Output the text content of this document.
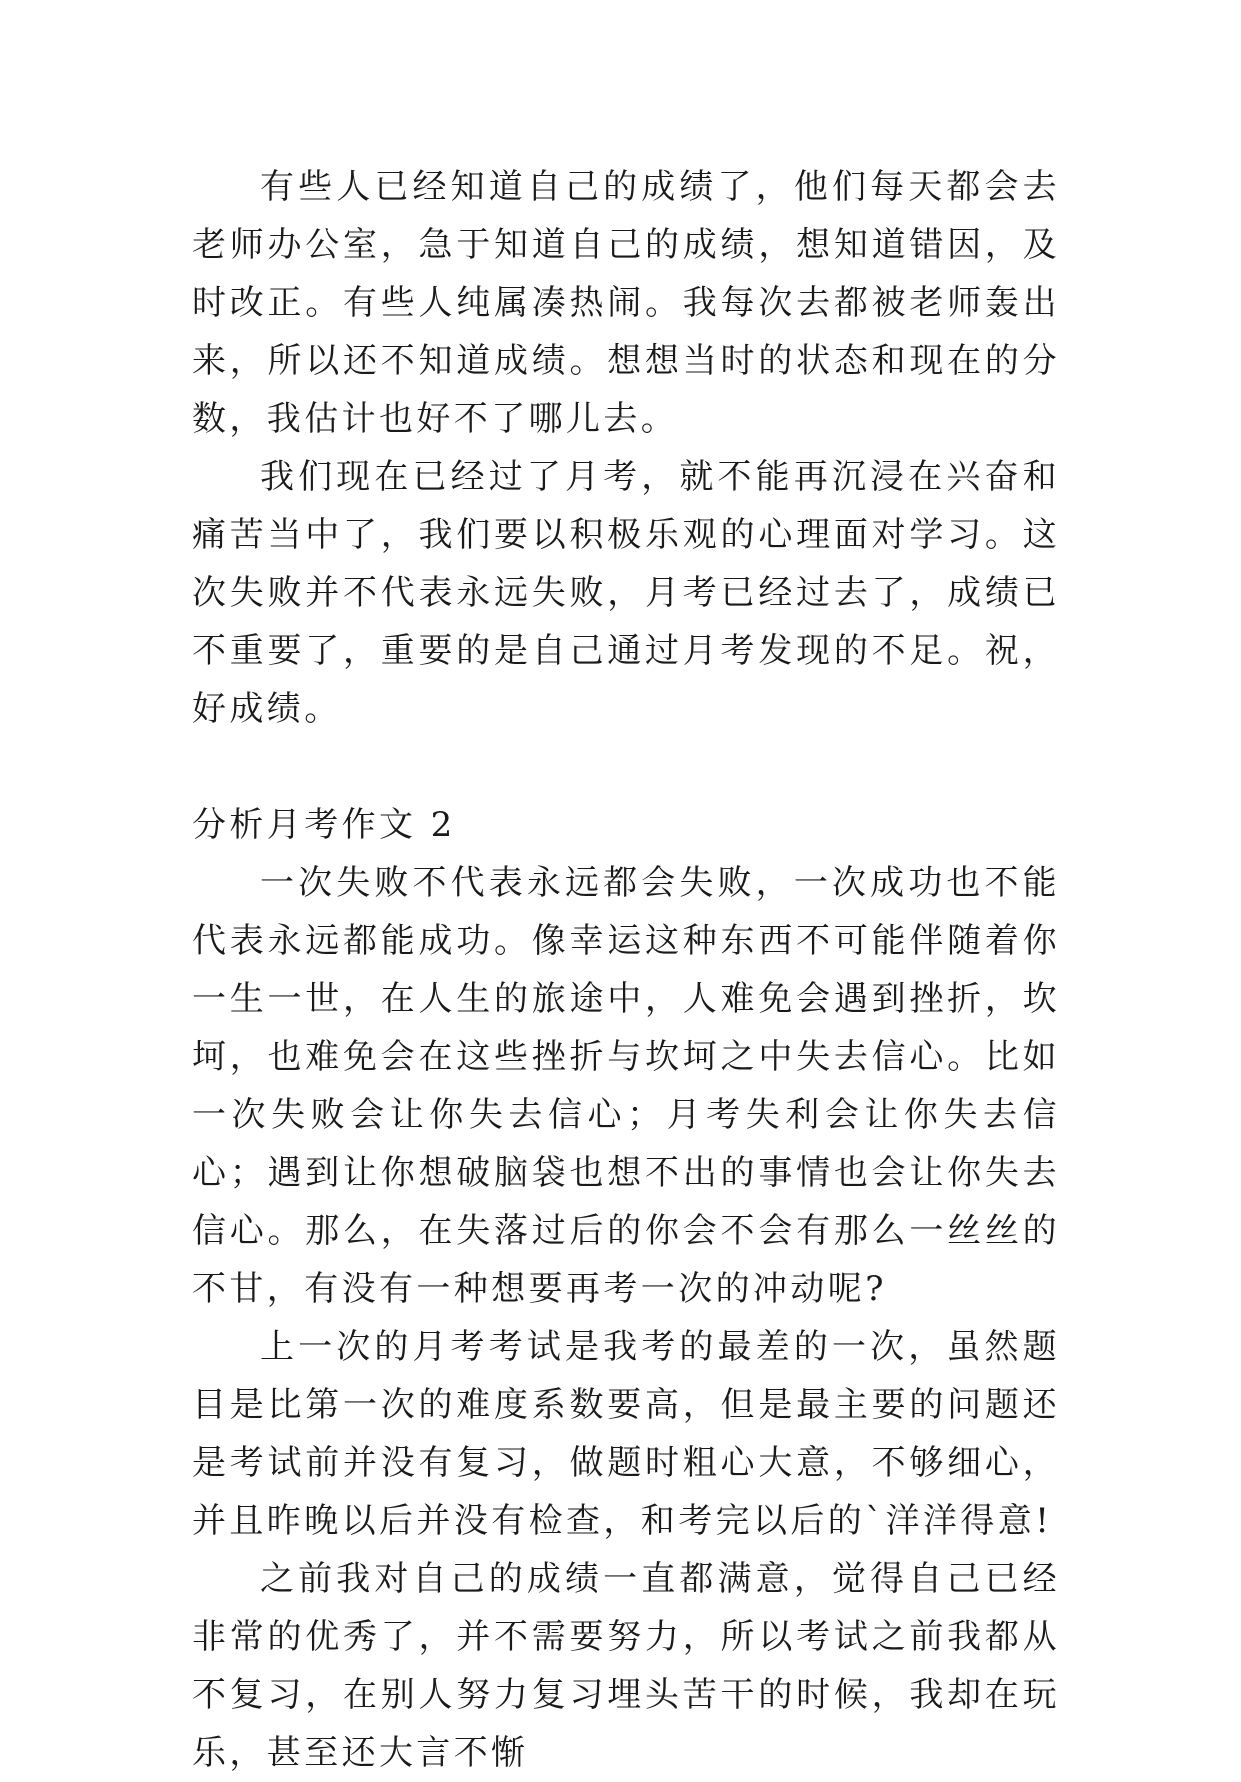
有些人已经知道自己的成绩了，他们每天都会去老师办公室，急于知道自己的成绩，想知道错因，及时改正。有些人纯属凑热闹。我每次去都被老师轰出来，所以还不知道成绩。想想当时的状态和现在的分数，我估计也好不了哪儿去。

我们现在已经过了月考，就不能再沉浸在兴奋和痛苦当中了，我们要以积极乐观的心理面对学习。这次失败并不代表永远失败，月考已经过去了，成绩已不重要了，重要的是自己通过月考发现的不足。祝，好成绩。

分析月考作文 2

一次失败不代表永远都会失败，一次成功也不能代表永远都能成功。像幸运这种东西不可能伴随着你一生一世，在人生的旅途中，人难免会遇到挫折，坎坷，也难免会在这些挫折与坎坷之中失去信心。比如一次失败会让你失去信心；月考失利会让你失去信心；遇到让你想破脑袋也想不出的事情也会让你失去信心。那么，在失落过后的你会不会有那么一丝丝的不甘，有没有一种想要再考一次的冲动呢?

上一次的月考考试是我考的最差的一次，虽然题目是比第一次的难度系数要高，但是最主要的问题还是考试前并没有复习，做题时粗心大意，不够细心，并且昨晚以后并没有检查，和考完以后的`洋洋得意!

之前我对自己的成绩一直都满意，觉得自己已经非常的优秀了，并不需要努力，所以考试之前我都从不复习，在别人努力复习埋头苦干的时候，我却在玩乐，甚至还大言不惭
